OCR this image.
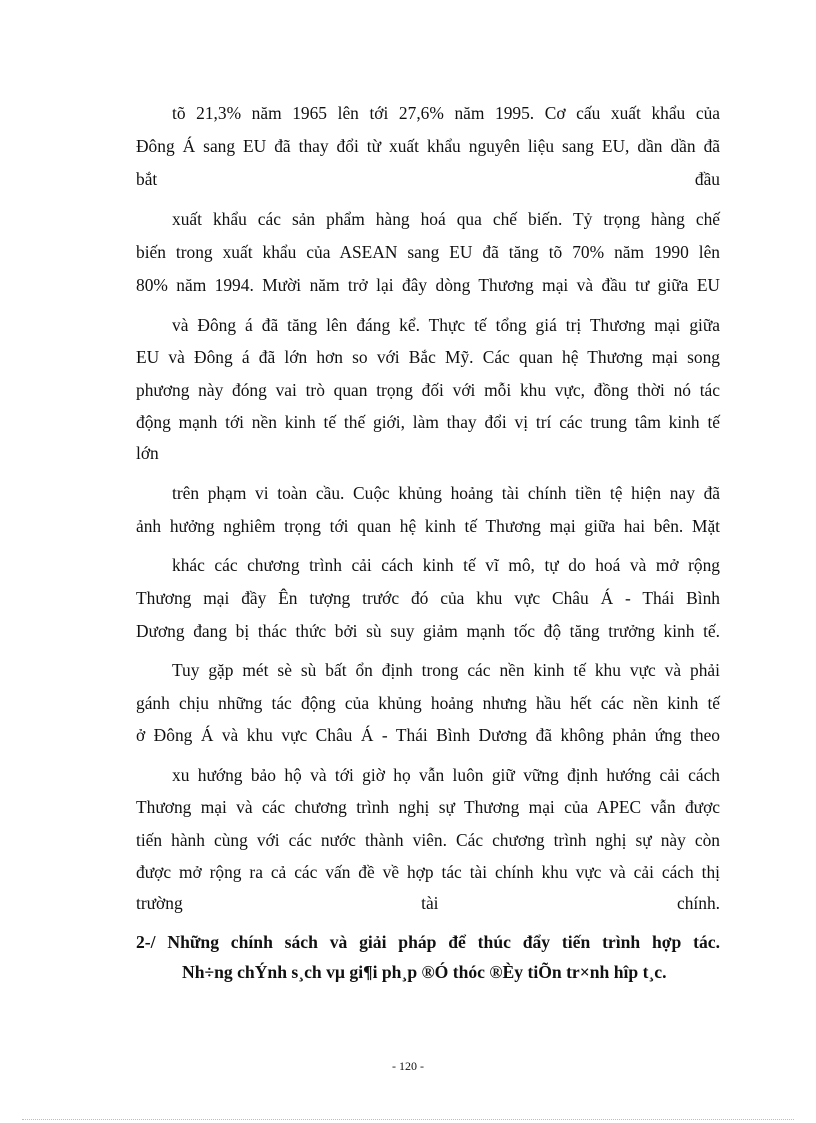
tõ 21,3% năm 1965 lên tới 27,6% năm 1995. Cơ cấu xuất khẩu của
Đông Á sang EU đã thay đổi từ xuất khẩu nguyên liệu sang EU, dần dần đã
bắt đầu
xuất khẩu các sản phẩm hàng hoá qua chế biến. Tỷ trọng hàng chế
biến trong xuất khẩu của ASEAN sang EU đã tăng tõ 70% năm 1990 lên
80% năm 1994. Mười năm trở lại đây dòng Thương mại và đầu tư giữa EU
và Đông á đã tăng lên đáng kể. Thực tế tổng giá trị Thương mại giữa
EU và Đông á đã lớn hơn so với Bắc Mỹ. Các quan hệ Thương mại song
phương này đóng vai trò quan trọng đối với mỗi khu vực, đồng thời nó tác
động mạnh tới nền kinh tế thế giới, làm thay đổi vị trí các trung tâm kinh tế
lớn
trên phạm vi toàn cầu. Cuộc khủng hoảng tài chính tiền tệ hiện nay đã
ảnh hưởng nghiêm trọng tới quan hệ kinh tế Thương mại giữa hai bên. Mặt
khác các chương trình cải cách kinh tế vĩ mô, tự do hoá và mở rộng
Thương mại đầy Ên tượng trước đó của khu vực Châu Á - Thái Bình
Dương đang bị thác thức bởi sù suy giảm mạnh tốc độ tăng trưởng kinh tế.
Tuy gặp mét sè sù bất ổn định trong các nền kinh tế khu vực và phải
gánh chịu những tác động của khủng hoảng nhưng hầu hết các nền kinh tế
ở Đông Á và khu vực Châu Á - Thái Bình Dương đã không phản ứng theo
xu hướng bảo hộ và tới giờ họ vẫn luôn giữ vững định hướng cải cách
Thương mại và các chương trình nghị sự Thương mại của APEC vẫn được
tiến hành cùng với các nước thành viên. Các chương trình nghị sự này còn
được mở rộng ra cả các vấn đề về hợp tác tài chính khu vực và cải cách thị
trường tài chính.
2-/ Những chính sách và giải pháp để thúc đẩy tiến trình hợp tác.
Nh÷ng chÝnh s¸ch vµ gi¶i ph¸p ®Ó thóc ®Èy tiÕn tr×nh hîp t¸c.
- 120 -
